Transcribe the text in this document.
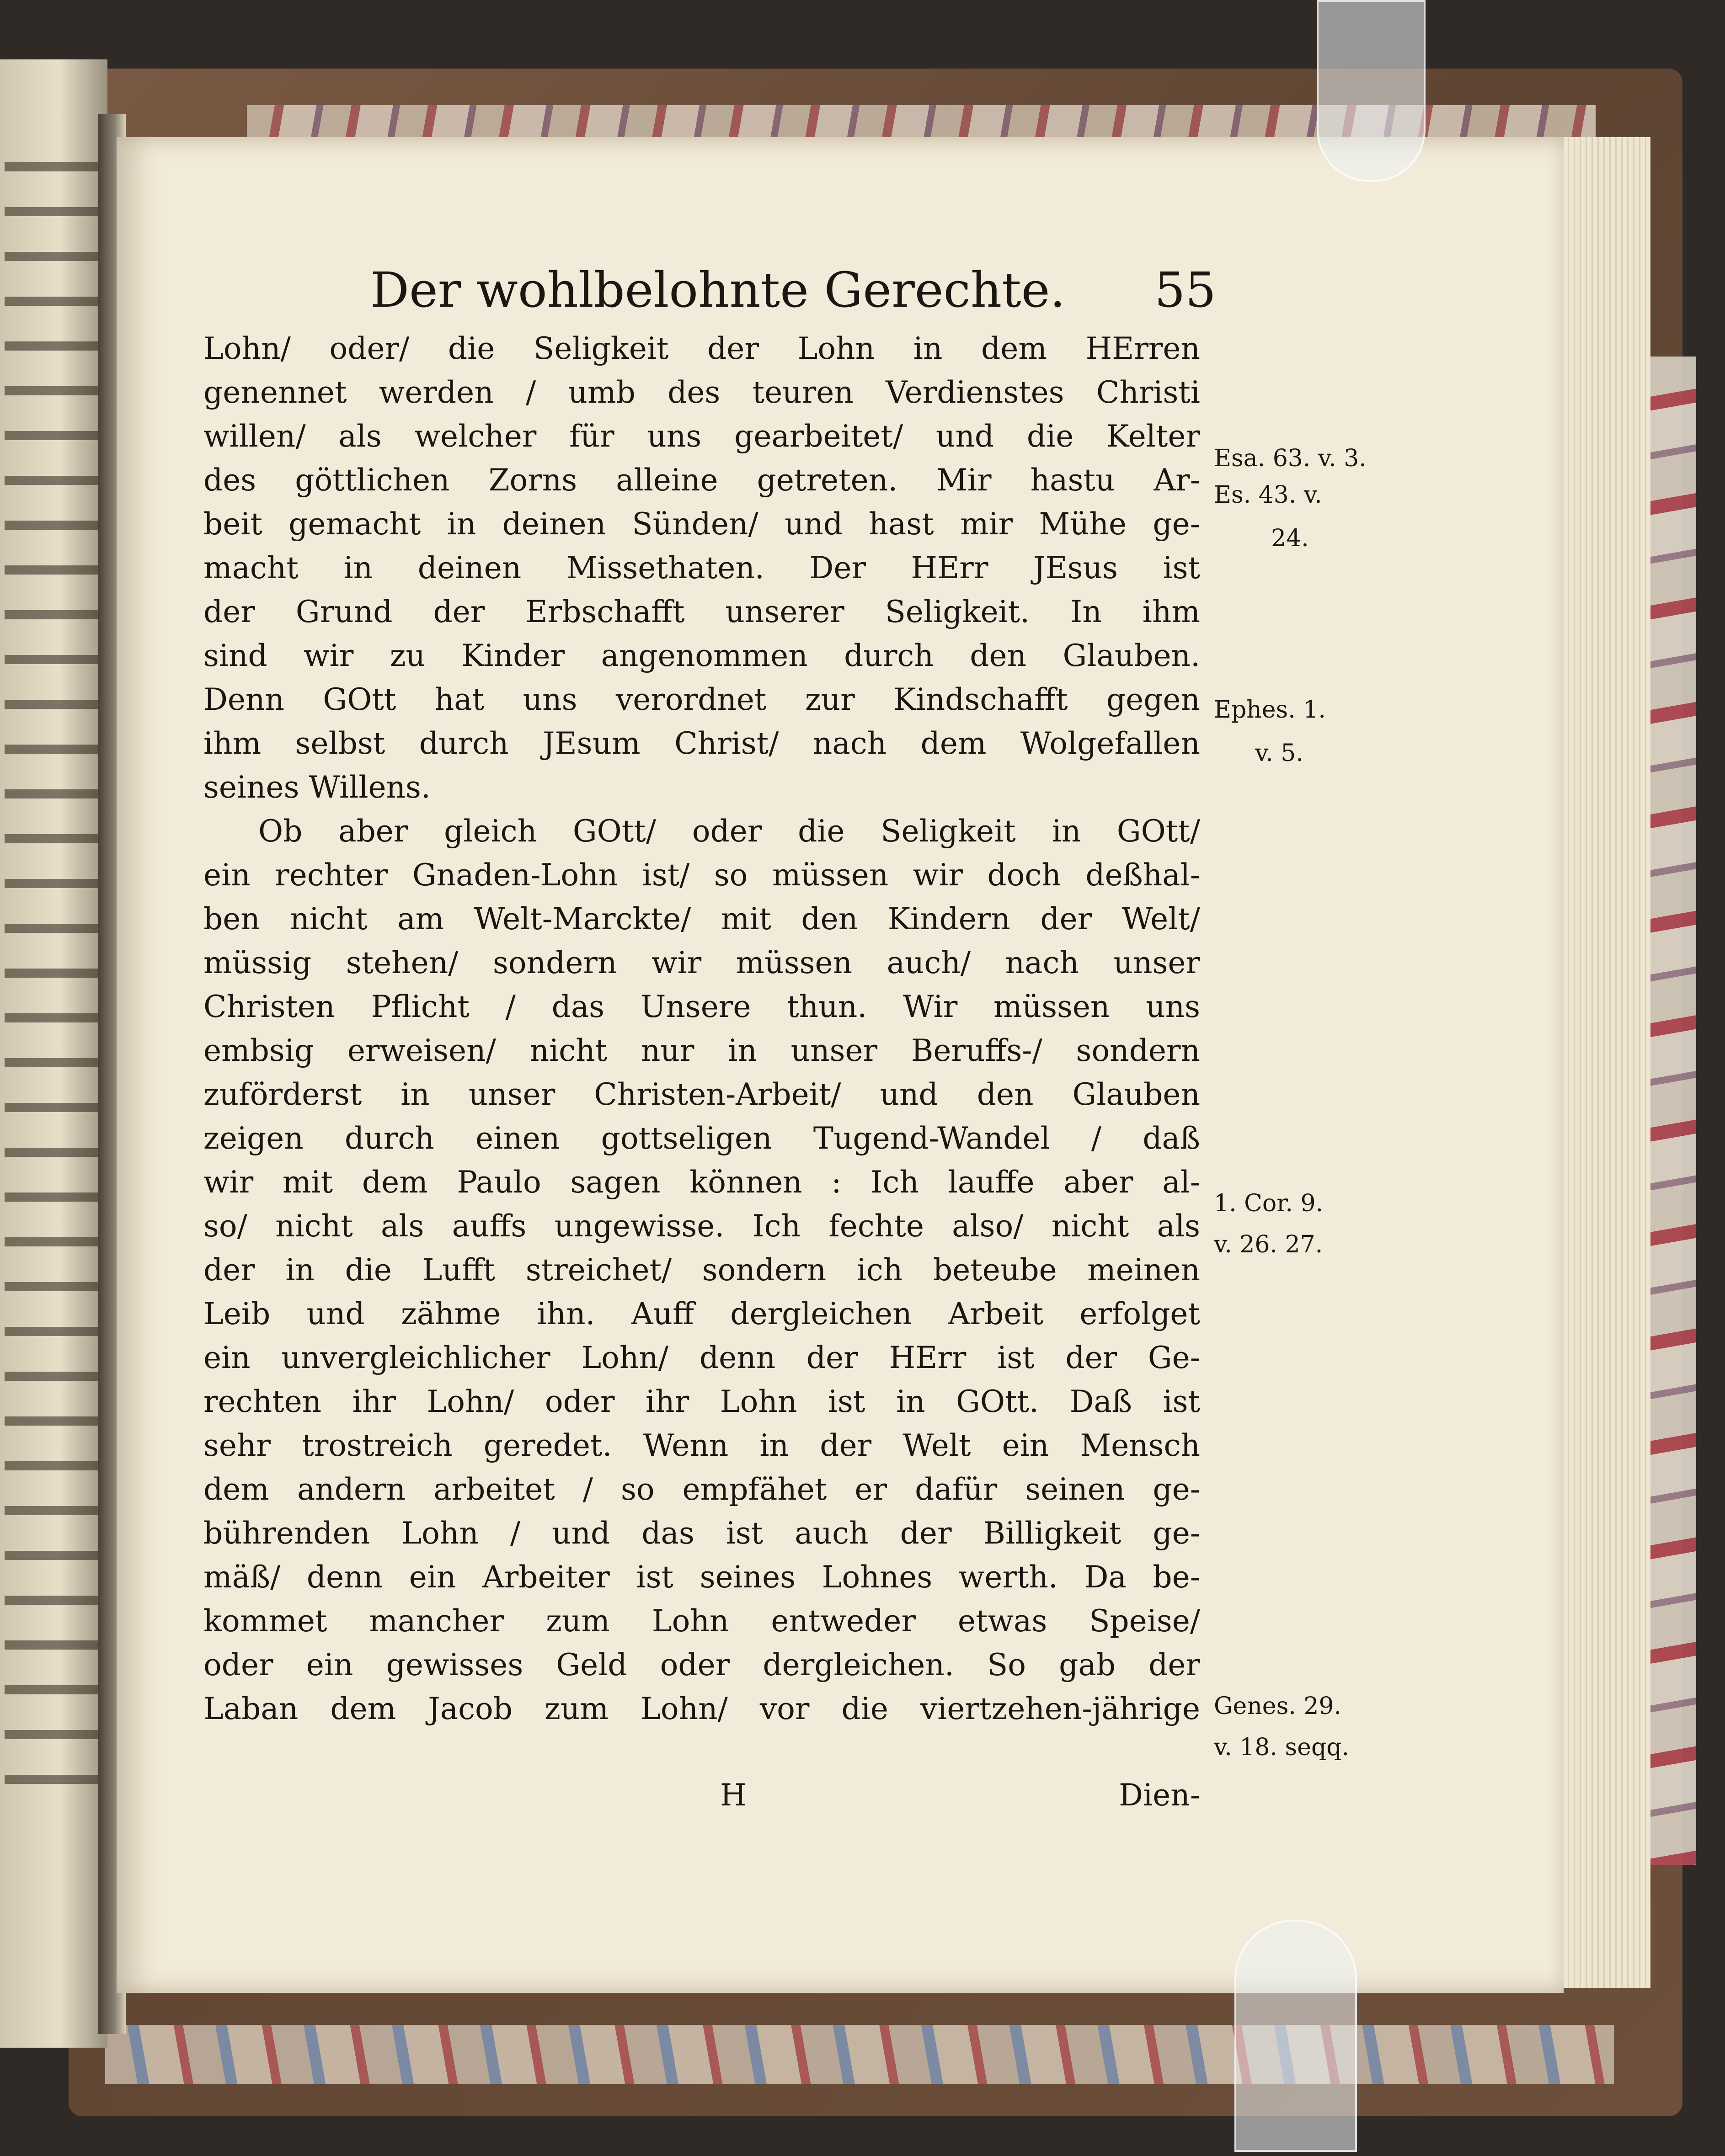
Der wohlbelohnte Gerechte. 55
Lohn/ oder/ die Seligkeit der Lohn in dem HErren
genennet werden / umb des teuren Verdienstes Christi
willen/ als welcher für uns gearbeitet/ und die Kelter
des göttlichen Zorns alleine getreten. Mir hastu Ar-
beit gemacht in deinen Sünden/ und hast mir Mühe ge-
macht in deinen Missethaten. Der HErr JEsus ist
der Grund der Erbschafft unserer Seligkeit. In ihm
sind wir zu Kinder angenommen durch den Glauben.
Denn GOtt hat uns verordnet zur Kindschafft gegen
ihm selbst durch JEsum Christ/ nach dem Wolgefallen
seines Willens.
Ob aber gleich GOtt/ oder die Seligkeit in GOtt/
ein rechter Gnaden-Lohn ist/ so müssen wir doch deßhal-
ben nicht am Welt-Marckte/ mit den Kindern der Welt/
müssig stehen/ sondern wir müssen auch/ nach unser
Christen Pflicht / das Unsere thun. Wir müssen uns
embsig erweisen/ nicht nur in unser Beruffs-/ sondern
zuförderst in unser Christen-Arbeit/ und den Glauben
zeigen durch einen gottseligen Tugend-Wandel / daß
wir mit dem Paulo sagen können : Ich lauffe aber al-
so/ nicht als auffs ungewisse. Ich fechte also/ nicht als
der in die Lufft streichet/ sondern ich beteube meinen
Leib und zähme ihn. Auff dergleichen Arbeit erfolget
ein unvergleichlicher Lohn/ denn der HErr ist der Ge-
rechten ihr Lohn/ oder ihr Lohn ist in GOtt. Daß ist
sehr trostreich geredet. Wenn in der Welt ein Mensch
dem andern arbeitet / so empfähet er dafür seinen ge-
bührenden Lohn / und das ist auch der Billigkeit ge-
mäß/ denn ein Arbeiter ist seines Lohnes werth. Da be-
kommet mancher zum Lohn entweder etwas Speise/
oder ein gewisses Geld oder dergleichen. So gab der
Laban dem Jacob zum Lohn/ vor die viertzehen-jährige
Esa. 63. v. 3.
Es. 43. v.
24.
Ephes. 1.
v. 5.
1. Cor. 9.
v. 26. 27.
Genes. 29.
v. 18. seqq.
H	Dien-
